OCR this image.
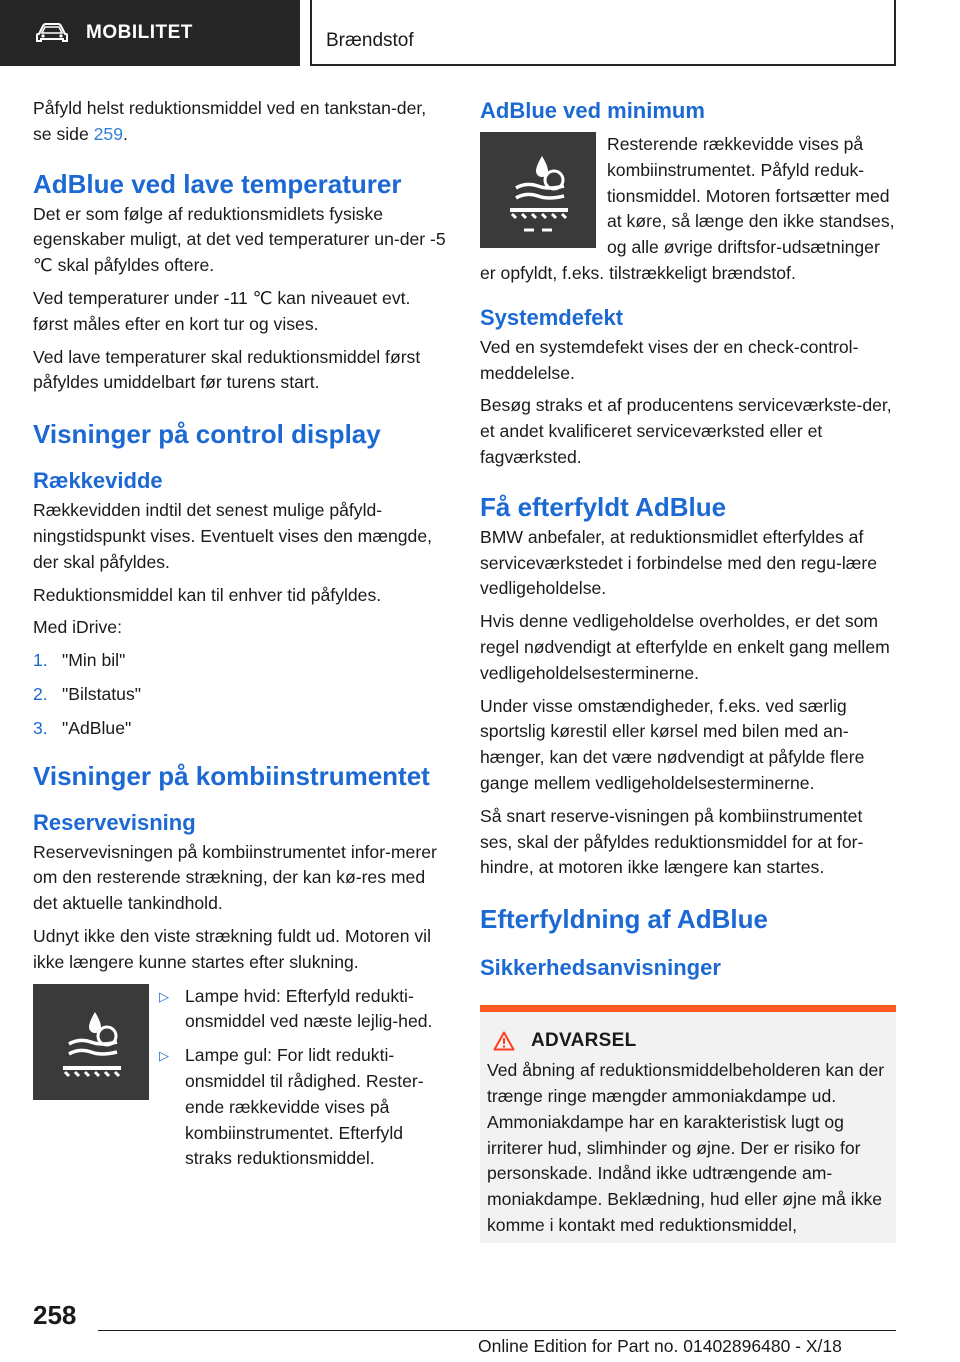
MOBILITET	Brændstof

Påfyld helst reduktionsmiddel ved en tankstan-der, se side 259.

AdBlue ved lave temperaturer

Det er som følge af reduktionsmidlets fysiske egenskaber muligt, at det ved temperaturer un-der -5 ℃ skal påfyldes oftere.

Ved temperaturer under -11 ℃ kan niveauet evt. først måles efter en kort tur og vises.

Ved lave temperaturer skal reduktionsmiddel først påfyldes umiddelbart før turens start.

Visninger på control display
Rækkevidde

Rækkevidden indtil det senest mulige påfyld-ningstidspunkt vises. Eventuelt vises den mængde, der skal påfyldes.

Reduktionsmiddel kan til enhver tid påfyldes.

Med iDrive:

1. "Min bil"
2. "Bilstatus"
3. "AdBlue"
Visninger på kombiinstrumentet
Reservevisning

Reservevisningen på kombiinstrumentet infor-merer om den resterende strækning, der kan kø-res med det aktuelle tankindhold.

Udnyt ikke den viste strækning fuldt ud. Motoren vil ikke længere kunne startes efter slukning.

▷ Lampe hvid: Efterfyld redukti-onsmiddel ved næste lejlig-hed.
▷ Lampe gul: For lidt redukti-onsmiddel til rådighed. Rester-ende rækkevidde vises på kombiinstrumentet. Efterfyld straks reduktionsmiddel.
AdBlue ved minimum

Resterende rækkevidde vises på kombiinstrumentet. Påfyld reduk-tionsmiddel. Motoren fortsætter med at køre, så længe den ikke standses, og alle øvrige driftsfor-udsætninger er opfyldt, f.eks. tilstrækkeligt brændstof.

Systemdefekt

Ved en systemdefekt vises der en check-control-meddelelse.

Besøg straks et af producentens serviceværkste-der, et andet kvalificeret serviceværksted eller et fagværksted.

Få efterfyldt AdBlue

BMW anbefaler, at reduktionsmidlet efterfyldes af serviceværkstedet i forbindelse med den regu-lære vedligeholdelse.

Hvis denne vedligeholdelse overholdes, er det som regel nødvendigt at efterfylde en enkelt gang mellem vedligeholdelsesterminerne.

Under visse omstændigheder, f.eks. ved særlig sportslig kørestil eller kørsel med bilen med an-hænger, kan det være nødvendigt at påfylde flere gange mellem vedligeholdelsesterminerne.

Så snart reserve-visningen på kombiinstrumentet ses, skal der påfyldes reduktionsmiddel for at for-hindre, at motoren ikke længere kan startes.

Efterfyldning af AdBlue
Sikkerhedsanvisninger
ADVARSEL

Ved åbning af reduktionsmiddelbeholderen kan der trænge ringe mængder ammoniakdampe ud. Ammoniakdampe har en karakteristisk lugt og irriterer hud, slimhinder og øjne. Der er risiko for personskade. Indånd ikke udtrængende am-moniakdampe. Beklædning, hud eller øjne må ikke komme i kontakt med reduktionsmiddel,

258
Online Edition for Part no. 01402896480 - X/18
